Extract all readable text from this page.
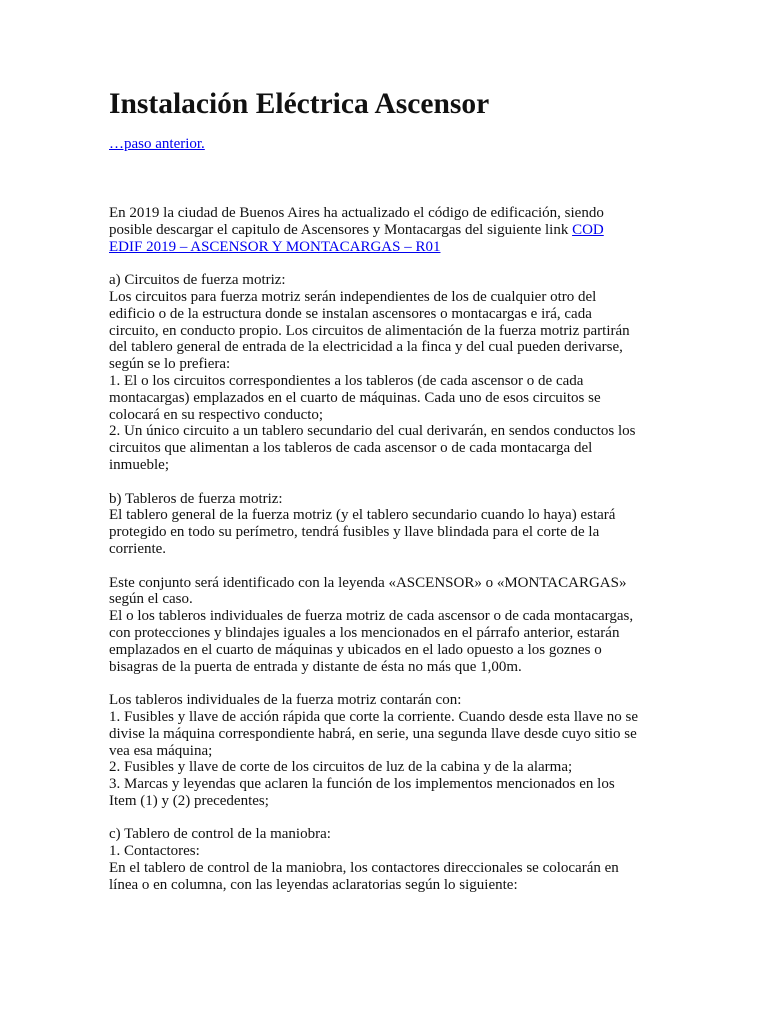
Instalación Eléctrica Ascensor
…paso anterior.
En 2019 la ciudad de Buenos Aires ha actualizado el código de edificación, siendo
posible descargar el capitulo de Ascensores y Montacargas del siguiente link COD
EDIF 2019 – ASCENSOR Y MONTACARGAS – R01
a) Circuitos de fuerza motriz:
Los circuitos para fuerza motriz serán independientes de los de cualquier otro del
edificio o de la estructura donde se instalan ascensores o montacargas e irá, cada
circuito, en conducto propio. Los circuitos de alimentación de la fuerza motriz partirán
del tablero general de entrada de la electricidad a la finca y del cual pueden derivarse,
según se lo prefiera:
1. El o los circuitos correspondientes a los tableros (de cada ascensor o de cada
montacargas) emplazados en el cuarto de máquinas. Cada uno de esos circuitos se
colocará en su respectivo conducto;
2. Un único circuito a un tablero secundario del cual derivarán, en sendos conductos los
circuitos que alimentan a los tableros de cada ascensor o de cada montacarga del
inmueble;
b) Tableros de fuerza motriz:
El tablero general de la fuerza motriz (y el tablero secundario cuando lo haya) estará
protegido en todo su perímetro, tendrá fusibles y llave blindada para el corte de la
corriente.
Este conjunto será identificado con la leyenda «ASCENSOR» o «MONTACARGAS»
según el caso.
El o los tableros individuales de fuerza motriz de cada ascensor o de cada montacargas,
con protecciones y blindajes iguales a los mencionados en el párrafo anterior, estarán
emplazados en el cuarto de máquinas y ubicados en el lado opuesto a los goznes o
bisagras de la puerta de entrada y distante de ésta no más que 1,00m.
Los tableros individuales de la fuerza motriz contarán con:
1. Fusibles y llave de acción rápida que corte la corriente. Cuando desde esta llave no se
divise la máquina correspondiente habrá, en serie, una segunda llave desde cuyo sitio se
vea esa máquina;
2. Fusibles y llave de corte de los circuitos de luz de la cabina y de la alarma;
3. Marcas y leyendas que aclaren la función de los implementos mencionados en los
Item (1) y (2) precedentes;
c) Tablero de control de la maniobra:
1. Contactores:
En el tablero de control de la maniobra, los contactores direccionales se colocarán en
línea o en columna, con las leyendas aclaratorias según lo siguiente:
